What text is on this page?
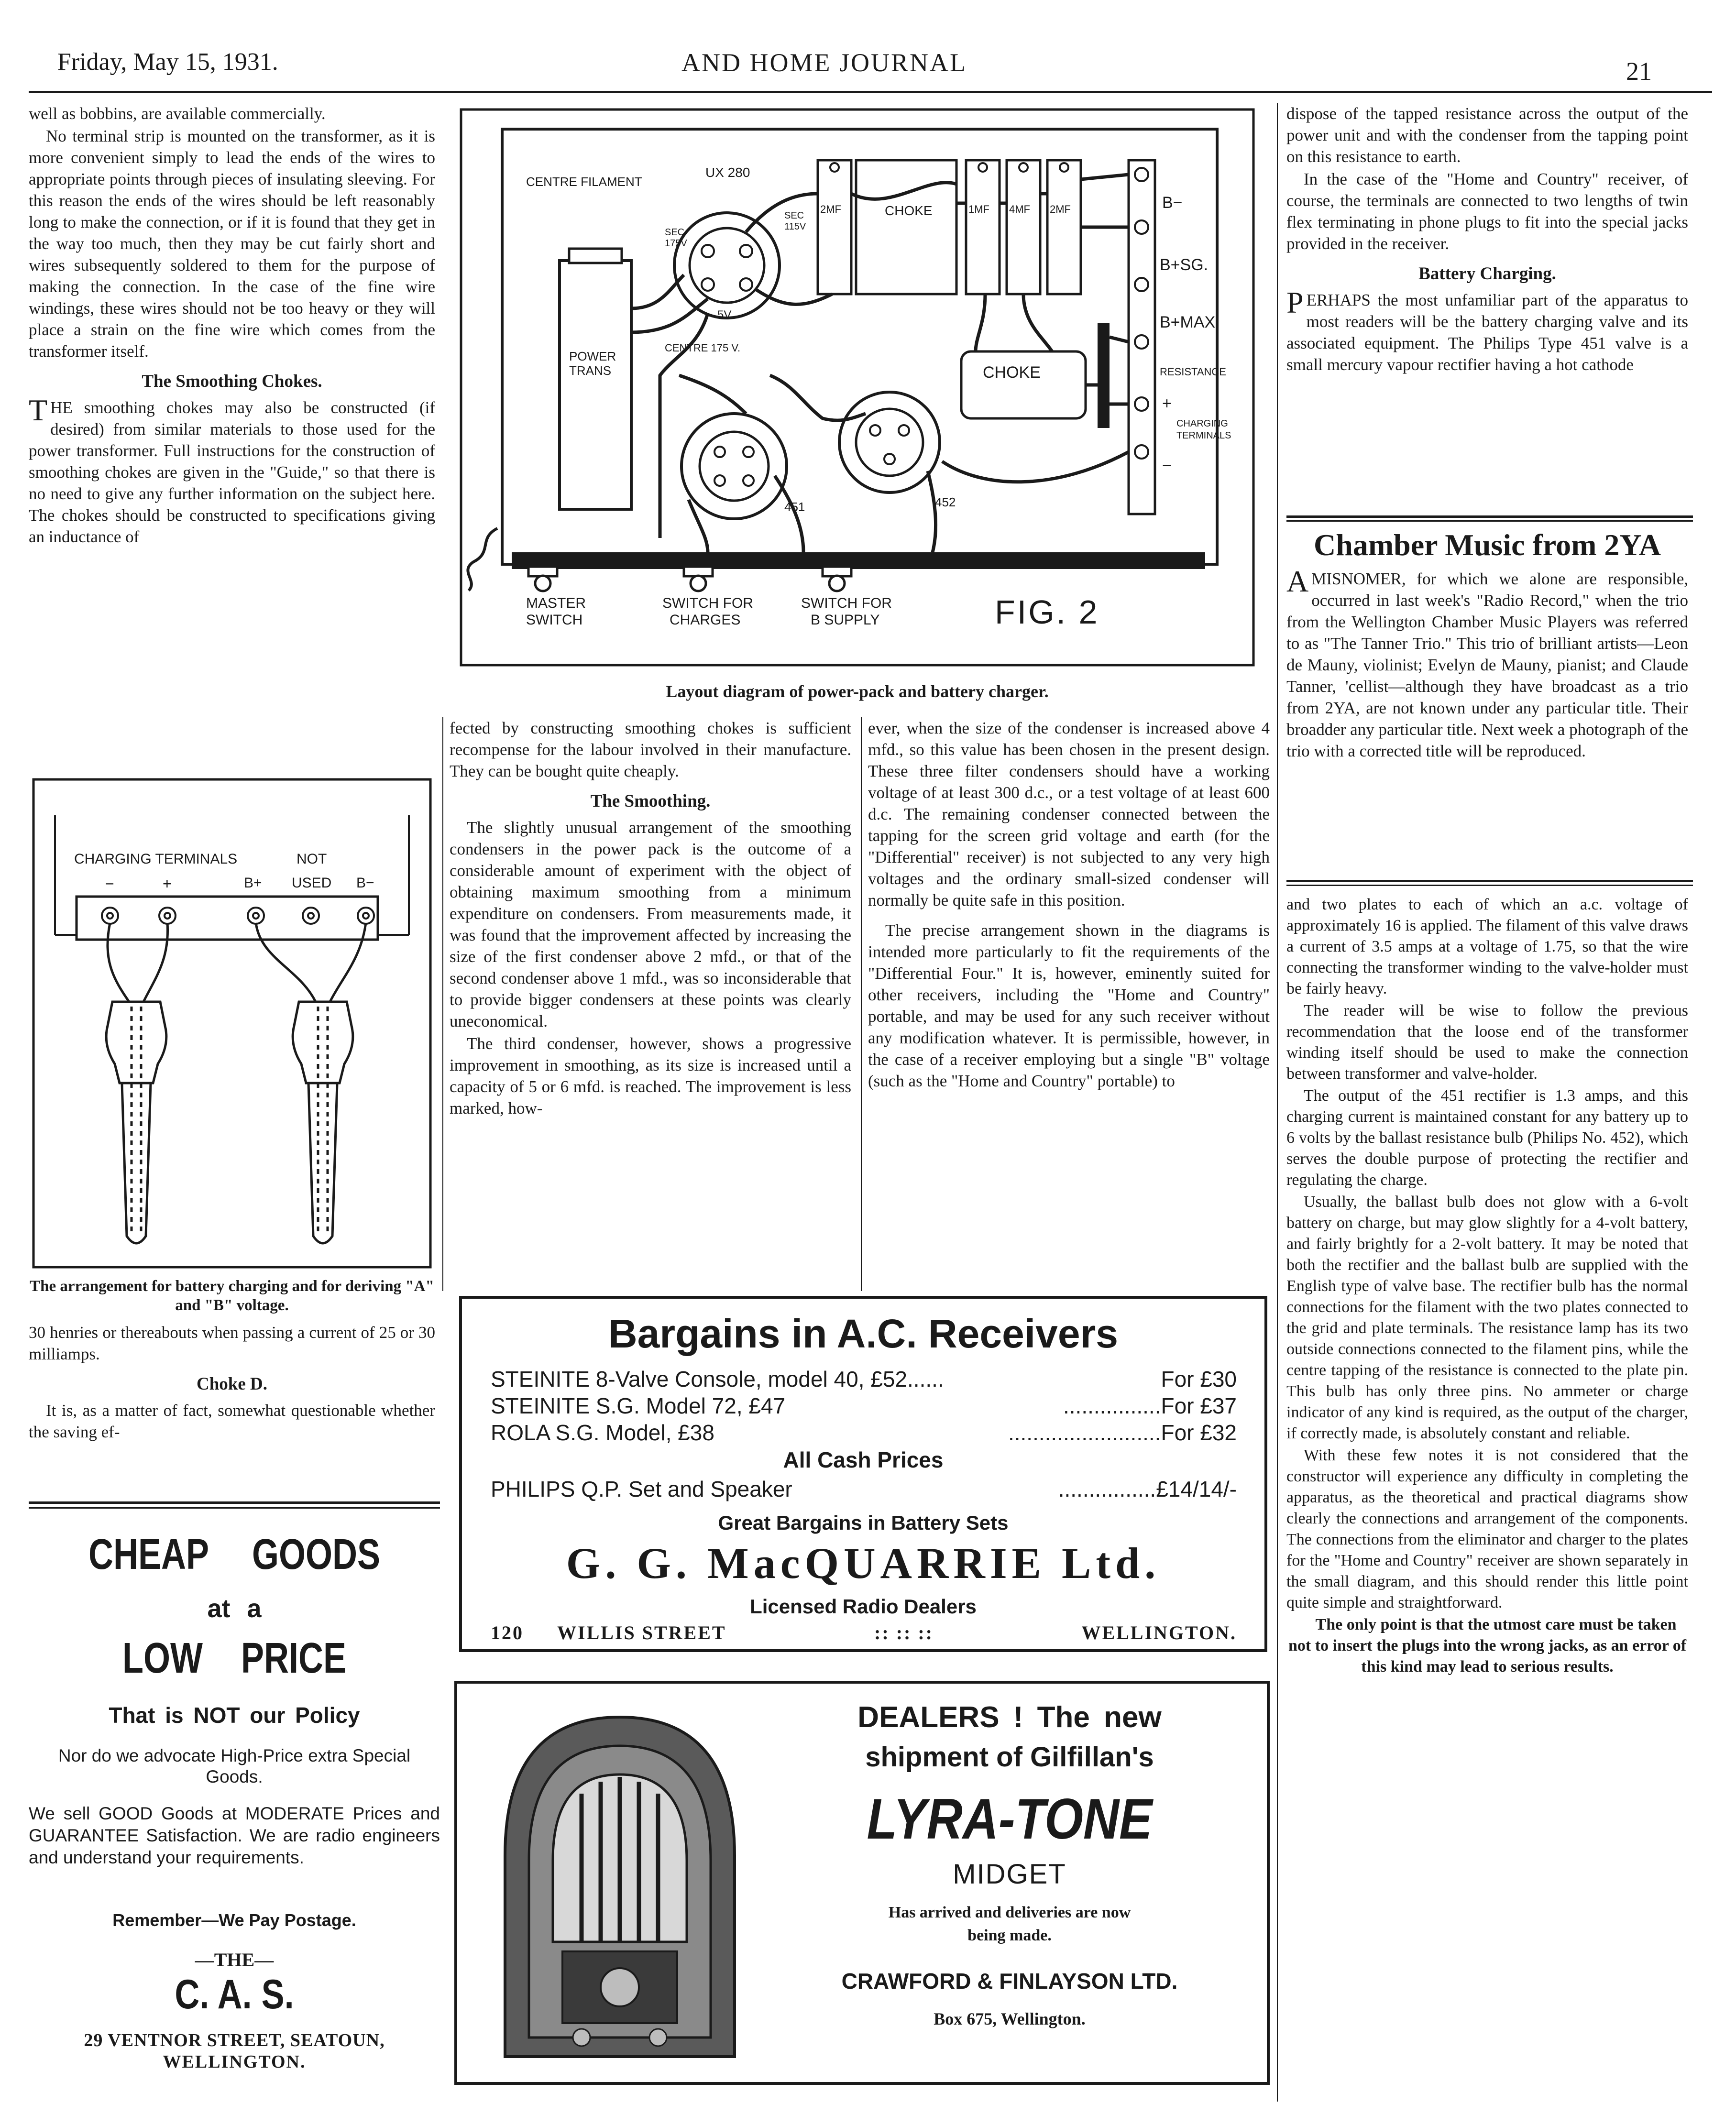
Friday, May 15, 1931.	AND HOME JOURNAL	21

well as bobbins, are available commercially.

No terminal strip is mounted on the transformer, as it is more convenient simply to lead the ends of the wires to appropriate points through pieces of insulating sleeving. For this reason the ends of the wires should be left reasonably long to make the connection, or if it is found that they get in the way too much, then they may be cut fairly short and wires subsequently soldered to them for the purpose of making the connection. In the case of the fine wire windings, these wires should not be too heavy or they will place a strain on the fine wire which comes from the transformer itself.

The Smoothing Chokes.

THE smoothing chokes may also be constructed (if desired) from similar materials to those used for the power transformer. Full instructions for the construction of smoothing chokes are given in the "Guide," so that there is no need to give any further information on the subject here. The chokes should be constructed to specifications giving an inductance of

CHARGING TERMINALS	NOT
USED
−	+	B+	B−
The arrangement for battery charging and for deriving "A" and "B" voltage.

30 henries or thereabouts when passing a current of 25 or 30 milliamps.

Choke D.

It is, as a matter of fact, somewhat questionable whether the saving ef-

CHEAP GOODS
at a
LOW PRICE
That is NOT our Policy
Nor do we advocate High-Price extra Special Goods.
We sell GOOD Goods at MODERATE Prices and GUARANTEE Satisfaction. We are radio engineers and understand your requirements.
Remember—We Pay Postage.
—THE—
C. A. S.
29 VENTNOR STREET, SEATOUN,
WELLINGTON.
CENTRE FILAMENT
UX 280
SEC 115V
SEC 175V
5V
POWER
TRANS
CENTRE 175 V.
2MF	CHOKE	1MF 4MF 2MF	B−
B+SG.
B+MAX
CHOKE	RESISTANCE
+
CHARGING
TERMINALS
−
451	452
MASTER
SWITCH
SWITCH FOR
CHARGES
SWITCH FOR
B SUPPLY	FIG. 2
Layout diagram of power-pack and battery charger.

fected by constructing smoothing chokes is sufficient recompense for the labour involved in their manufacture. They can be bought quite cheaply.

The Smoothing.

The slightly unusual arrangement of the smoothing condensers in the power pack is the outcome of a considerable amount of experiment with the object of obtaining maximum smoothing from a minimum expenditure on condensers. From measurements made, it was found that the improvement affected by increasing the size of the first condenser above 2 mfd., or that of the second condenser above 1 mfd., was so inconsiderable that to provide bigger condensers at these points was clearly uneconomical.

The third condenser, however, shows a progressive improvement in smoothing, as its size is increased until a capacity of 5 or 6 mfd. is reached. The improvement is less marked, how-

ever, when the size of the condenser is increased above 4 mfd., so this value has been chosen in the present design. These three filter condensers should have a working voltage of at least 300 d.c., or a test voltage of at least 600 d.c. The remaining condenser connected between the tapping for the screen grid voltage and earth (for the "Differential" receiver) is not subjected to any very high voltages and the ordinary small-sized condenser will normally be quite safe in this position.

The precise arrangement shown in the diagrams is intended more particularly to fit the requirements of the "Differential Four." It is, however, eminently suited for other receivers, including the "Home and Country" portable, and may be used for any such receiver without any modification whatever. It is permissible, however, in the case of a receiver employing but a single "B" voltage (such as the "Home and Country" portable) to

Bargains in A.C. Receivers
STEINITE 8-Valve Console, model 40, £52 ......	For £30
STEINITE S.G. Model 72, £47	................ For £37
ROLA S.G. Model, £38	......................... For £32
All Cash Prices
PHILIPS Q.P. Set and Speaker	................ £14/14/-
Great Bargains in Battery Sets
G. G. MacQUARRIE Ltd.
Licensed Radio Dealers
120 WILLIS STREET	:: :: ::	WELLINGTON.
DEALERS ! The new
shipment of Gilfillan's
LYRA-TONE
MIDGET
Has arrived and deliveries are now being made.
CRAWFORD & FINLAYSON LTD.
Box 675, Wellington.

dispose of the tapped resistance across the output of the power unit and with the condenser from the tapping point on this resistance to earth.

In the case of the "Home and Country" receiver, of course, the terminals are connected to two lengths of twin flex terminating in phone plugs to fit into the special jacks provided in the receiver.

Battery Charging.

PERHAPS the most unfamiliar part of the apparatus to most readers will be the battery charging valve and its associated equipment. The Philips Type 451 valve is a small mercury vapour rectifier having a hot cathode

Chamber Music from 2YA

AMISNOMER, for which we alone are responsible, occurred in last week's "Radio Record," when the trio from the Wellington Chamber Music Players was referred to as "The Tanner Trio." This trio of brilliant artists—Leon de Mauny, violinist; Evelyn de Mauny, pianist; and Claude Tanner, 'cellist—although they have broadcast as a trio from 2YA, are not known under any particular title. Their broadder any particular title. Next week a photograph of the trio with a corrected title will be reproduced.

and two plates to each of which an a.c. voltage of approximately 16 is applied. The filament of this valve draws a current of 3.5 amps at a voltage of 1.75, so that the wire connecting the transformer winding to the valve-holder must be fairly heavy.

The reader will be wise to follow the previous recommendation that the loose end of the transformer winding itself should be used to make the connection between transformer and valve-holder.

The output of the 451 rectifier is 1.3 amps, and this charging current is maintained constant for any battery up to 6 volts by the ballast resistance bulb (Philips No. 452), which serves the double purpose of protecting the rectifier and regulating the charge.

Usually, the ballast bulb does not glow with a 6-volt battery on charge, but may glow slightly for a 4-volt battery, and fairly brightly for a 2-volt battery. It may be noted that both the rectifier and the ballast bulb are supplied with the English type of valve base. The rectifier bulb has the normal connections for the filament with the two plates connected to the grid and plate terminals. The resistance lamp has its two outside connections connected to the filament pins, while the centre tapping of the resistance is connected to the plate pin. This bulb has only three pins. No ammeter or charge indicator of any kind is required, as the output of the charger, if correctly made, is absolutely constant and reliable.

With these few notes it is not considered that the constructor will experience any difficulty in completing the apparatus, as the theoretical and practical diagrams show clearly the connections and arrangement of the components. The connections from the eliminator and charger to the plates for the "Home and Country" receiver are shown separately in the small diagram, and this should render this little point quite simple and straightforward.

The only point is that the utmost care must be taken not to insert the plugs into the wrong jacks, as an error of this kind may lead to serious results.
